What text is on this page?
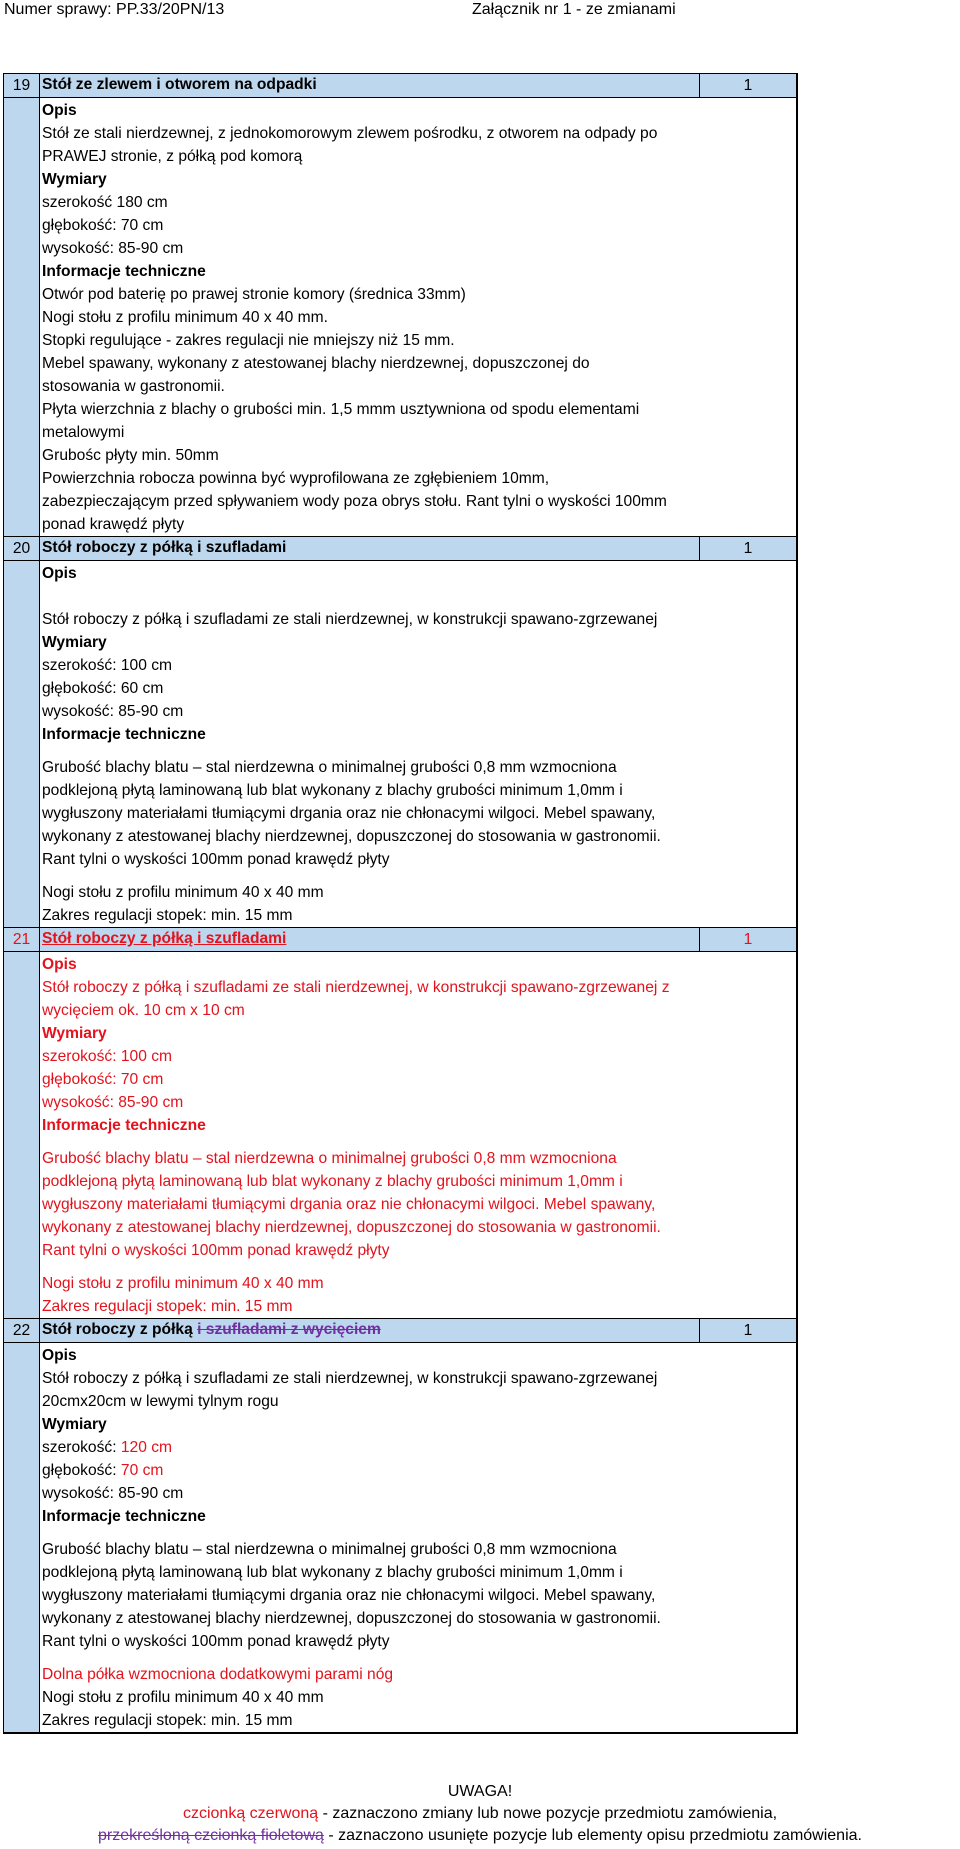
Numer sprawy: PP.33/20PN/13	Załącznik nr 1 - ze zmianami
19 Stół ze zlewem i otworem na odpadki	1
Opis
Stół ze stali nierdzewnej, z jednokomorowym zlewem pośrodku, z otworem na odpady po
PRAWEJ stronie, z półką pod komorą
Wymiary
szerokość 180 cm
głębokość: 70 cm
wysokość: 85-90 cm
Informacje techniczne
Otwór pod baterię po prawej stronie komory (średnica 33mm)
Nogi stołu z profilu minimum 40 x 40 mm.
Stopki regulujące - zakres regulacji nie mniejszy niż 15 mm.
Mebel spawany, wykonany z atestowanej blachy nierdzewnej, dopuszczonej do
stosowania w gastronomii.
Płyta wierzchnia z blachy o grubości min. 1,5 mmm usztywniona od spodu elementami
metalowymi
Grubośc płyty min. 50mm
Powierzchnia robocza powinna być wyprofilowana ze zgłębieniem 10mm,
zabezpieczającym przed spływaniem wody poza obrys stołu. Rant tylni o wyskości 100mm
ponad krawędź płyty
20 Stół roboczy z półką i szufladami	1
Opis
Stół roboczy z półką i szufladami ze stali nierdzewnej, w konstrukcji spawano-zgrzewanej
Wymiary
szerokość: 100 cm
głębokość: 60 cm
wysokość: 85-90 cm
Informacje techniczne
Grubość blachy blatu – stal nierdzewna o minimalnej grubości 0,8 mm wzmocniona
podklejoną płytą laminowaną lub blat wykonany z blachy grubości minimum 1,0mm i
wygłuszony materiałami tłumiącymi drgania oraz nie chłonacymi wilgoci. Mebel spawany,
wykonany z atestowanej blachy nierdzewnej, dopuszczonej do stosowania w gastronomii.
Rant tylni o wyskości 100mm ponad krawędź płyty
Nogi stołu z profilu minimum 40 x 40 mm
Zakres regulacji stopek: min. 15 mm
21 Stół roboczy z półką i szufladami	1
Opis
Stół roboczy z półką i szufladami ze stali nierdzewnej, w konstrukcji spawano-zgrzewanej z
wycięciem ok. 10 cm x 10 cm
Wymiary
szerokość: 100 cm
głębokość: 70 cm
wysokość: 85-90 cm
Informacje techniczne
Grubość blachy blatu – stal nierdzewna o minimalnej grubości 0,8 mm wzmocniona
podklejoną płytą laminowaną lub blat wykonany z blachy grubości minimum 1,0mm i
wygłuszony materiałami tłumiącymi drgania oraz nie chłonacymi wilgoci. Mebel spawany,
wykonany z atestowanej blachy nierdzewnej, dopuszczonej do stosowania w gastronomii.
Rant tylni o wyskości 100mm ponad krawędź płyty
Nogi stołu z profilu minimum 40 x 40 mm
Zakres regulacji stopek: min. 15 mm
22 Stół roboczy z półką i szufladami z wycięciem	1
Opis
Stół roboczy z półką i szufladami ze stali nierdzewnej, w konstrukcji spawano-zgrzewanej
20cmx20cm w lewymi tylnym rogu
Wymiary
szerokość: 120 cm
głębokość: 70 cm
wysokość: 85-90 cm
Informacje techniczne
Grubość blachy blatu – stal nierdzewna o minimalnej grubości 0,8 mm wzmocniona
podklejoną płytą laminowaną lub blat wykonany z blachy grubości minimum 1,0mm i
wygłuszony materiałami tłumiącymi drgania oraz nie chłonacymi wilgoci. Mebel spawany,
wykonany z atestowanej blachy nierdzewnej, dopuszczonej do stosowania w gastronomii.
Rant tylni o wyskości 100mm ponad krawędź płyty
Dolna półka wzmocniona dodatkowymi parami nóg
Nogi stołu z profilu minimum 40 x 40 mm
Zakres regulacji stopek: min. 15 mm
UWAGA!
czcionką czerwoną - zaznaczono zmiany lub nowe pozycje przedmiotu zamówienia,
przekreśloną czcionką fioletową - zaznaczono usunięte pozycje lub elementy opisu przedmiotu zamówienia.
